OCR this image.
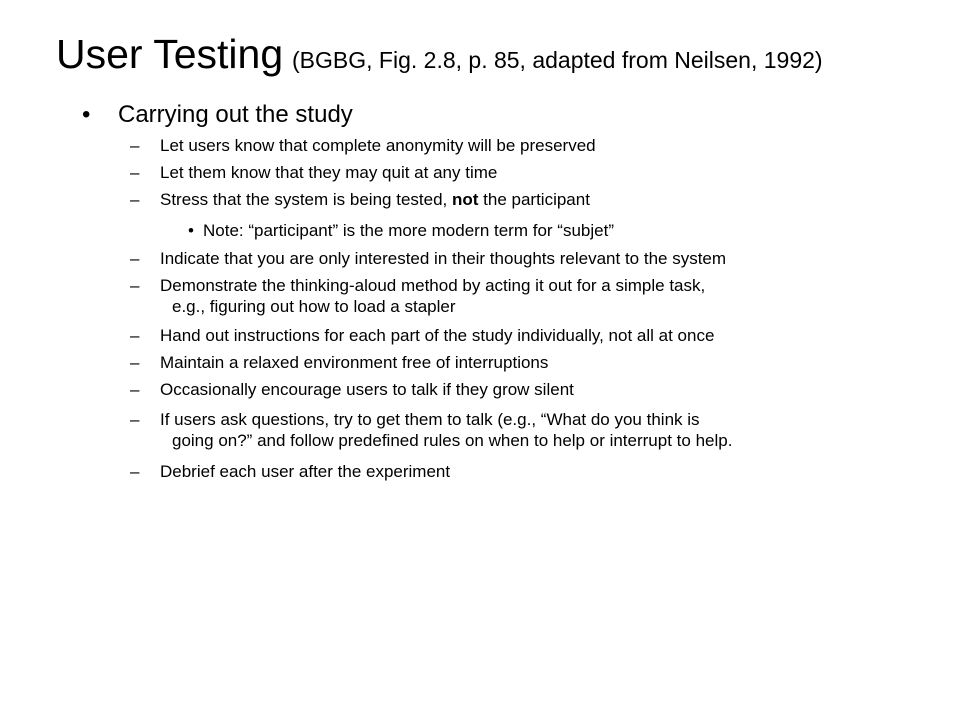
User Testing (BGBG, Fig. 2.8, p. 85, adapted from Neilsen, 1992)
• Carrying out the study
– Let users know that complete anonymity will be preserved
– Let them know that they may quit at any time
– Stress that the system is being tested, not the participant
• Note: “participant” is the more modern term for “subjet”
– Indicate that you are only interested in their thoughts relevant to the system
– Demonstrate the thinking-aloud method by acting it out for a simple task,
e.g., figuring out how to load a stapler
– Hand out instructions for each part of the study individually, not all at once
– Maintain a relaxed environment free of interruptions
– Occasionally encourage users to talk if they grow silent
– If users ask questions, try to get them to talk (e.g., “What do you think is
going on?” and follow predefined rules on when to help or interrupt to help.
– Debrief each user after the experiment
